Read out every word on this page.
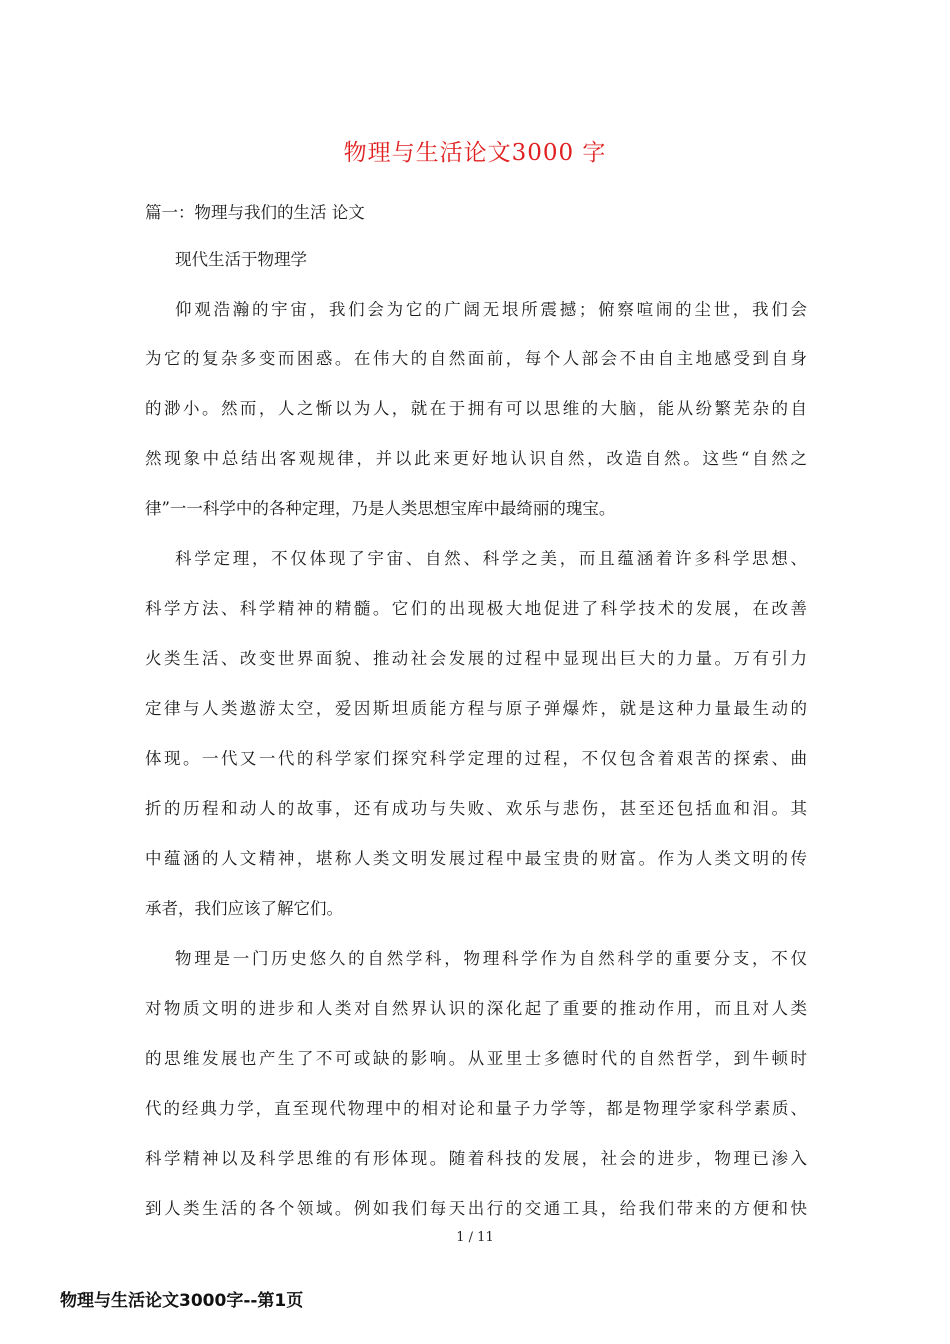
物理与生活论文3000 字
篇一：物理与我们的生活 论文
现代生活于物理学
仰观浩瀚的宇宙，我们会为它的广阔无垠所震撼；俯察喧闹的尘世，我们会
为它的复杂多变而困惑。在伟大的自然面前，每个人部会不由自主地感受到自身
的渺小。然而，人之惭以为人，就在于拥有可以思维的大脑，能从纷繁芜杂的自
然现象中总结出客观规律，并以此来更好地认识自然，改造自然。这些“自然之
律”一一科学中的各种定理，乃是人类思想宝库中最绮丽的瑰宝。
科学定理，不仅体现了宇宙、自然、科学之美，而且蕴涵着许多科学思想、
科学方法、科学精神的精髓。它们的出现极大地促进了科学技术的发展，在改善
火类生活、改变世界面貌、推动社会发展的过程中显现出巨大的力量。万有引力
定律与人类遨游太空，爱因斯坦质能方程与原子弹爆炸，就是这种力量最生动的
体现。一代又一代的科学家们探究科学定理的过程，不仅包含着艰苦的探索、曲
折的历程和动人的故事，还有成功与失败、欢乐与悲伤，甚至还包括血和泪。其
中蕴涵的人文精神，堪称人类文明发展过程中最宝贵的财富。作为人类文明的传
承者，我们应该了解它们。
物理是一门历史悠久的自然学科，物理科学作为自然科学的重要分支，不仅
对物质文明的进步和人类对自然界认识的深化起了重要的推动作用，而且对人类
的思维发展也产生了不可或缺的影响。从亚里士多德时代的自然哲学，到牛顿时
代的经典力学，直至现代物理中的相对论和量子力学等，都是物理学家科学素质、
科学精神以及科学思维的有形体现。随着科技的发展，社会的进步，物理已渗入
到人类生活的各个领域。例如我们每天出行的交通工具，给我们带来的方便和快
1 / 11
物理与生活论文3000字--第1页
